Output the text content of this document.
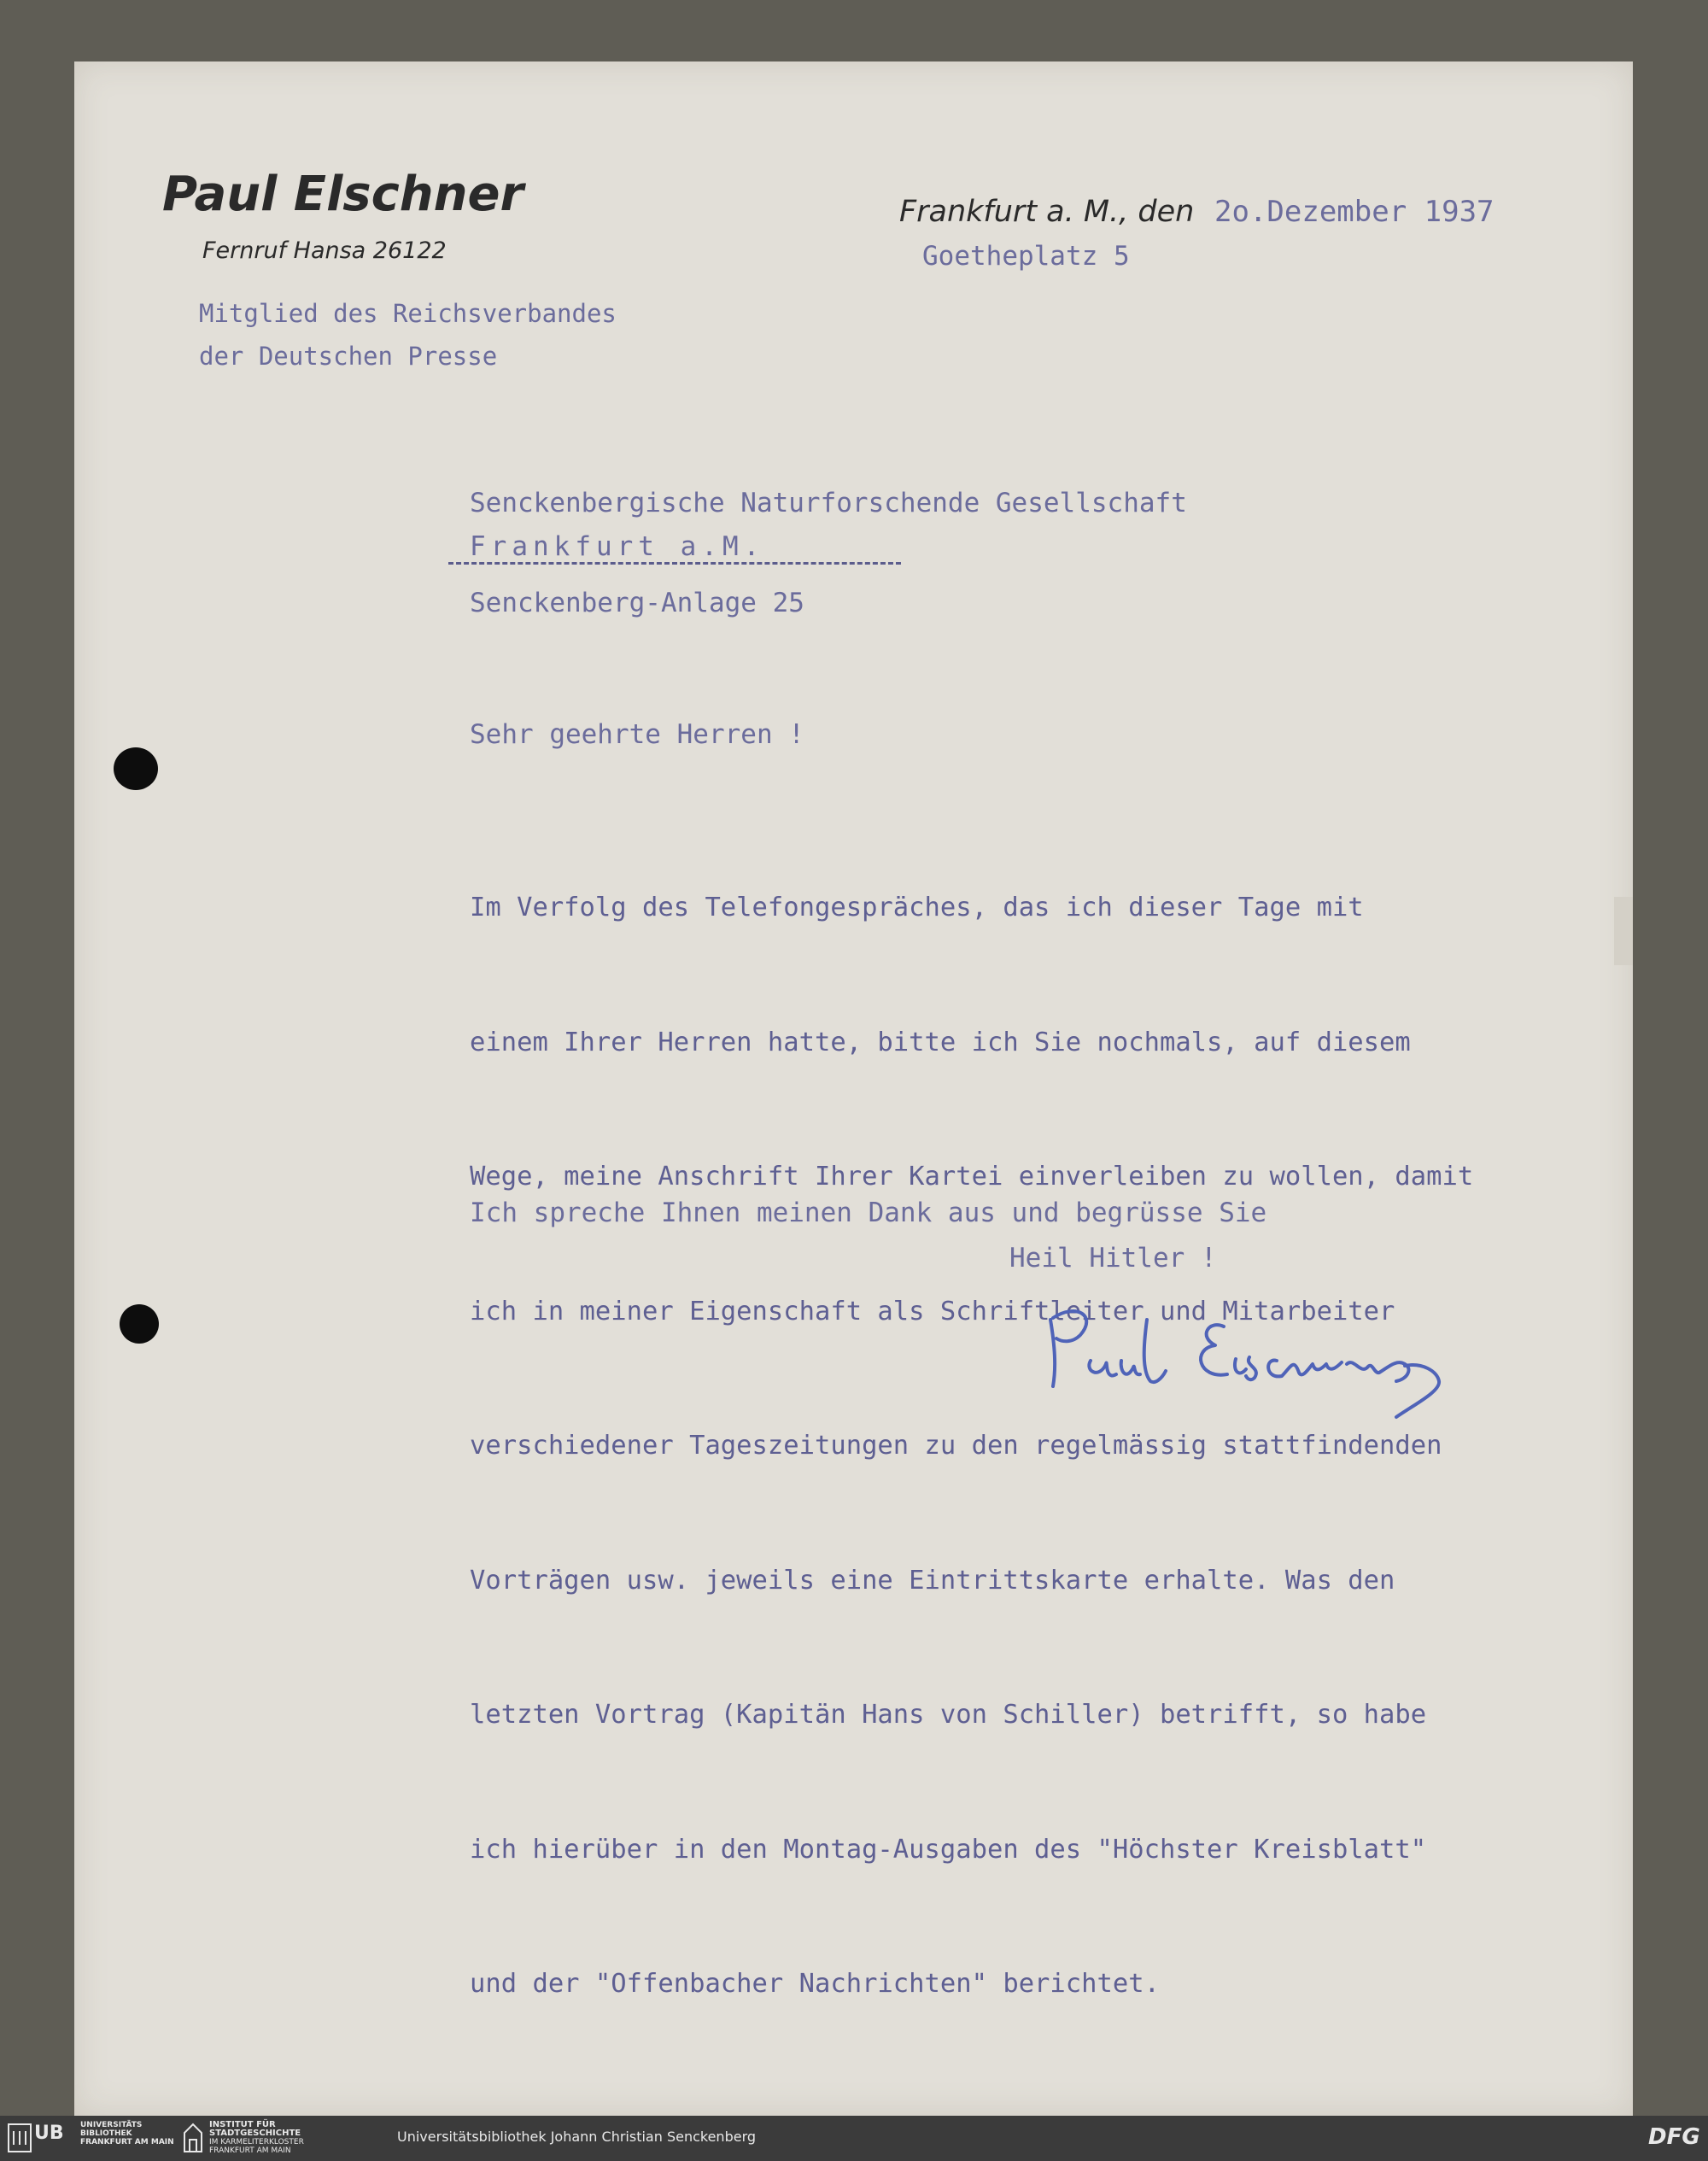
Paul Elschner
Fernruf Hansa 26122
Mitglied des Reichsverbandes
der Deutschen Presse
Frankfurt a. M., den 2o.Dezember 1937
Goetheplatz 5
Senckenbergische Naturforschende Gesellschaft
Frankfurt a.M.
Senckenberg-Anlage 25
Sehr geehrte Herren !

Im Verfolg des Telefongespräches, das ich dieser Tage mit

einem Ihrer Herren hatte, bitte ich Sie nochmals, auf diesem

Wege, meine Anschrift Ihrer Kartei einverleiben zu wollen, damit

ich in meiner Eigenschaft als Schriftleiter und Mitarbeiter

verschiedener Tageszeitungen zu den regelmässig stattfindenden

Vorträgen usw. jeweils eine Eintrittskarte erhalte. Was den

letzten Vortrag (Kapitän Hans von Schiller) betrifft, so habe

ich hierüber in den Montag-Ausgaben des "Höchster Kreisblatt"

und der "Offenbacher Nachrichten" berichtet.

Ich spreche Ihnen meinen Dank aus und begrüsse Sie
Heil Hitler !
UB UNIVERSITÄTS
BIBLIOTHEK
FRANKFURT AM MAIN
INSTITUT FÜR
STADTGESCHICHTE
IM KARMELITERKLOSTER
FRANKFURT AM MAIN
Universitätsbibliothek Johann Christian Senckenberg	DFG
